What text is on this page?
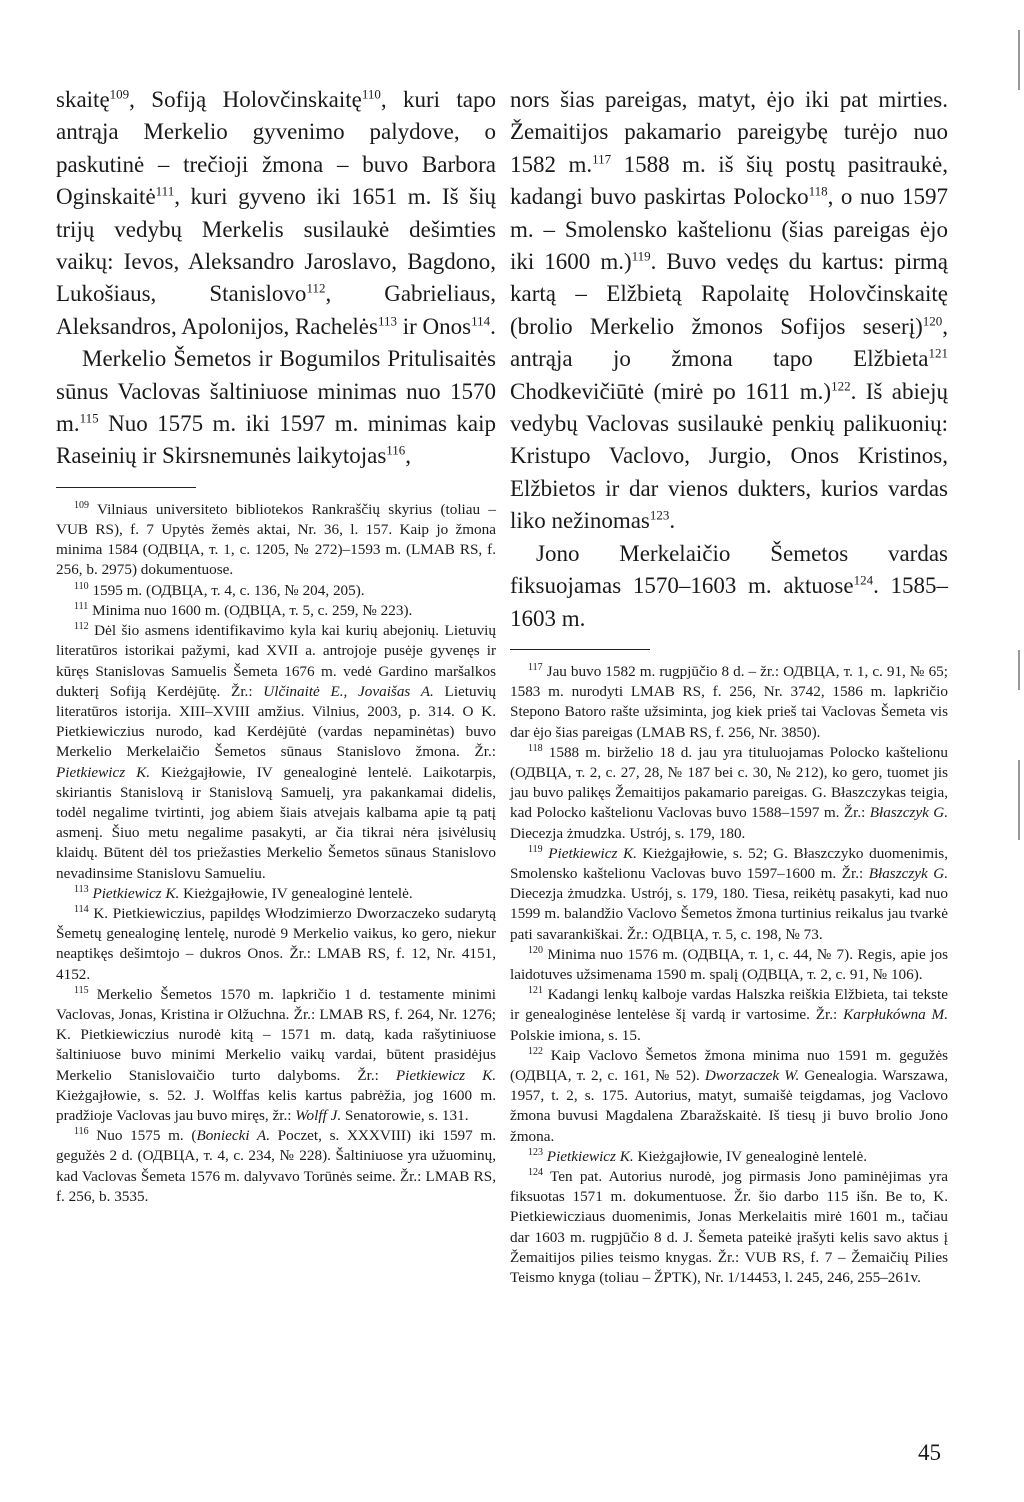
skaitę$^{109}$, Sofiją Holovčinskaitę$^{110}$, kuri tapo antrąja Merkelio gyvenimo palydove, o paskutinė – trečioji žmona – buvo Barbora Oginskaitė$^{111}$, kuri gyveno iki 1651 m. Iš šių trijų vedybų Merkelis susilaukė dešimties vaikų: Ievos, Aleksandro Jaroslavo, Bagdono, Lukošiaus, Stanislovo$^{112}$, Gabrieliaus, Aleksandros, Apolonijos, Rachelės$^{113}$ ir Onos$^{114}$.

Merkelio Šemetos ir Bogumilos Pritulisaitės sūnus Vaclovas šaltiniuose minimas nuo 1570 m.$^{115}$ Nuo 1575 m. iki 1597 m. minimas kaip Raseinių ir Skirsnemunės laikytojas$^{116}$,

$^{109}$ Vilniaus universiteto bibliotekos Rankraščių skyrius (toliau – VUB RS), f. 7 Upytės žemės aktai, Nr. 36, l. 157. Kaip jo žmona minima 1584 (ОДВЦА, т. 1, c. 1205, № 272)–1593 m. (LMAB RS, f. 256, b. 2975) dokumentuose.

$^{110}$ 1595 m. (ОДВЦА, т. 4, c. 136, № 204, 205).

$^{111}$ Minima nuo 1600 m. (ОДВЦА, т. 5, c. 259, № 223).

$^{112}$ Dėl šio asmens identifikavimo kyla kai kurių abejonių. Lietuvių literatūros istorikai pažymi, kad XVII a. antrojoje pusėje gyvenęs ir kūręs Stanislovas Samuelis Šemeta 1676 m. vedė Gardino maršalkos dukterį Sofiją Kerdėjūtę. Žr.: Ulčinaitė E., Jovaišas A. Lietuvių literatūros istorija. XIII–XVIII amžius. Vilnius, 2003, p. 314. O K. Pietkiewiczius nurodo, kad Kerdėjūtė (vardas nepaminėtas) buvo Merkelio Merkelaičio Šemetos sūnaus Stanislovo žmona. Žr.: Pietkiewicz K. Kieżgajłowie, IV genealoginė lentelė. Laikotarpis, skiriantis Stanislovą ir Stanislovą Samuelį, yra pakankamai didelis, todėl negalime tvirtinti, jog abiem šiais atvejais kalbama apie tą patį asmenį. Šiuo metu negalime pasakyti, ar čia tikrai nėra įsivėlusių klaidų. Būtent dėl tos priežasties Merkelio Šemetos sūnaus Stanislovo nevadinsime Stanislovu Samueliu.

$^{113}$ Pietkiewicz K. Kieżgajłowie, IV genealoginė lentelė.

$^{114}$ K. Pietkiewiczius, papildęs Włodzimierzo Dworzaczeko sudarytą Šemetų genealoginę lentelę, nurodė 9 Merkelio vaikus, ko gero, niekur neaptikęs dešimtojo – dukros Onos. Žr.: LMAB RS, f. 12, Nr. 4151, 4152.

$^{115}$ Merkelio Šemetos 1570 m. lapkričio 1 d. testamente minimi Vaclovas, Jonas, Kristina ir Olžuchna. Žr.: LMAB RS, f. 264, Nr. 1276; K. Pietkiewiczius nurodė kitą – 1571 m. datą, kada rašytiniuose šaltiniuose buvo minimi Merkelio vaikų vardai, būtent prasidėjus Merkelio Stanislovaičio turto dalyboms. Žr.: Pietkiewicz K. Kieżgajłowie, s. 52. J. Wolffas kelis kartus pabrėžia, jog 1600 m. pradžioje Vaclovas jau buvo miręs, žr.: Wolff J. Senatorowie, s. 131.

$^{116}$ Nuo 1575 m. (Boniecki A. Poczet, s. XXXVIII) iki 1597 m. gegužės 2 d. (ОДВЦА, т. 4, c. 234, № 228). Šaltiniuose yra užuominų, kad Vaclovas Šemeta 1576 m. dalyvavo Torūnės seime. Žr.: LMAB RS, f. 256, b. 3535.

nors šias pareigas, matyt, ėjo iki pat mirties. Žemaitijos pakamario pareigybę turėjo nuo 1582 m.$^{117}$ 1588 m. iš šių postų pasitraukė, kadangi buvo paskirtas Polocko$^{118}$, o nuo 1597 m. – Smolensko kaštelionu (šias pareigas ėjo iki 1600 m.)$^{119}$. Buvo vedęs du kartus: pirmą kartą – Elžbietą Rapolaitę Holovčinskaitę (brolio Merkelio žmonos Sofijos seserį)$^{120}$, antrąja jo žmona tapo Elžbieta$^{121}$ Chodkevičiūtė (mirė po 1611 m.)$^{122}$. Iš abiejų vedybų Vaclovas susilaukė penkių palikuonių: Kristupo Vaclovo, Jurgio, Onos Kristinos, Elžbietos ir dar vienos dukters, kurios vardas liko nežinomas$^{123}$.

Jono Merkelaičio Šemetos vardas fiksuojamas 1570–1603 m. aktuose$^{124}$. 1585–1603 m.

$^{117}$ Jau buvo 1582 m. rugpjūčio 8 d. – žr.: ОДВЦА, т. 1, c. 91, № 65; 1583 m. nurodyti LMAB RS, f. 256, Nr. 3742, 1586 m. lapkričio Stepono Batoro rašte užsiminta, jog kiek prieš tai Vaclovas Šemeta vis dar ėjo šias pareigas (LMAB RS, f. 256, Nr. 3850).

$^{118}$ 1588 m. birželio 18 d. jau yra tituluojamas Polocko kaštelionu (ОДВЦА, т. 2, c. 27, 28, № 187 bei c. 30, № 212), ko gero, tuomet jis jau buvo palikęs Žemaitijos pakamario pareigas. G. Błaszczykas teigia, kad Polocko kaštelionu Vaclovas buvo 1588–1597 m. Žr.: Błaszczyk G. Diecezja żmudzka. Ustrój, s. 179, 180.

$^{119}$ Pietkiewicz K. Kieżgajłowie, s. 52; G. Błaszczyko duomenimis, Smolensko kaštelionu Vaclovas buvo 1597–1600 m. Žr.: Błaszczyk G. Diecezja żmudzka. Ustrój, s. 179, 180. Tiesa, reikėtų pasakyti, kad nuo 1599 m. balandžio Vaclovo Šemetos žmona turtinius reikalus jau tvarkė pati savarankiškai. Žr.: ОДВЦА, т. 5, c. 198, № 73.

$^{120}$ Minima nuo 1576 m. (ОДВЦА, т. 1, c. 44, № 7). Regis, apie jos laidotuves užsimenama 1590 m. spalį (ОДВЦА, т. 2, c. 91, № 106).

$^{121}$ Kadangi lenkų kalboje vardas Halszka reiškia Elžbieta, tai tekste ir genealoginėse lentelėse šį vardą ir vartosime. Žr.: Karpłukówna M. Polskie imiona, s. 15.

$^{122}$ Kaip Vaclovo Šemetos žmona minima nuo 1591 m. gegužės (ОДВЦА, т. 2, c. 161, № 52). Dworzaczek W. Genealogia. Warszawa, 1957, t. 2, s. 175. Autorius, matyt, sumaišė teigdamas, jog Vaclovo žmona buvusi Magdalena Zbaražskaitė. Iš tiesų ji buvo brolio Jono žmona.

$^{123}$ Pietkiewicz K. Kieżgajłowie, IV genealoginė lentelė.

$^{124}$ Ten pat. Autorius nurodė, jog pirmasis Jono paminėjimas yra fiksuotas 1571 m. dokumentuose. Žr. šio darbo 115 išn. Be to, K. Pietkiewicziaus duomenimis, Jonas Merkelaitis mirė 1601 m., tačiau dar 1603 m. rugpjūčio 8 d. J. Šemeta pateikė įrašyti kelis savo aktus į Žemaitijos pilies teismo knygas. Žr.: VUB RS, f. 7 – Žemaičių Pilies Teismo knyga (toliau – ŽPTK), Nr. 1/14453, l. 245, 246, 255–261v.

45
